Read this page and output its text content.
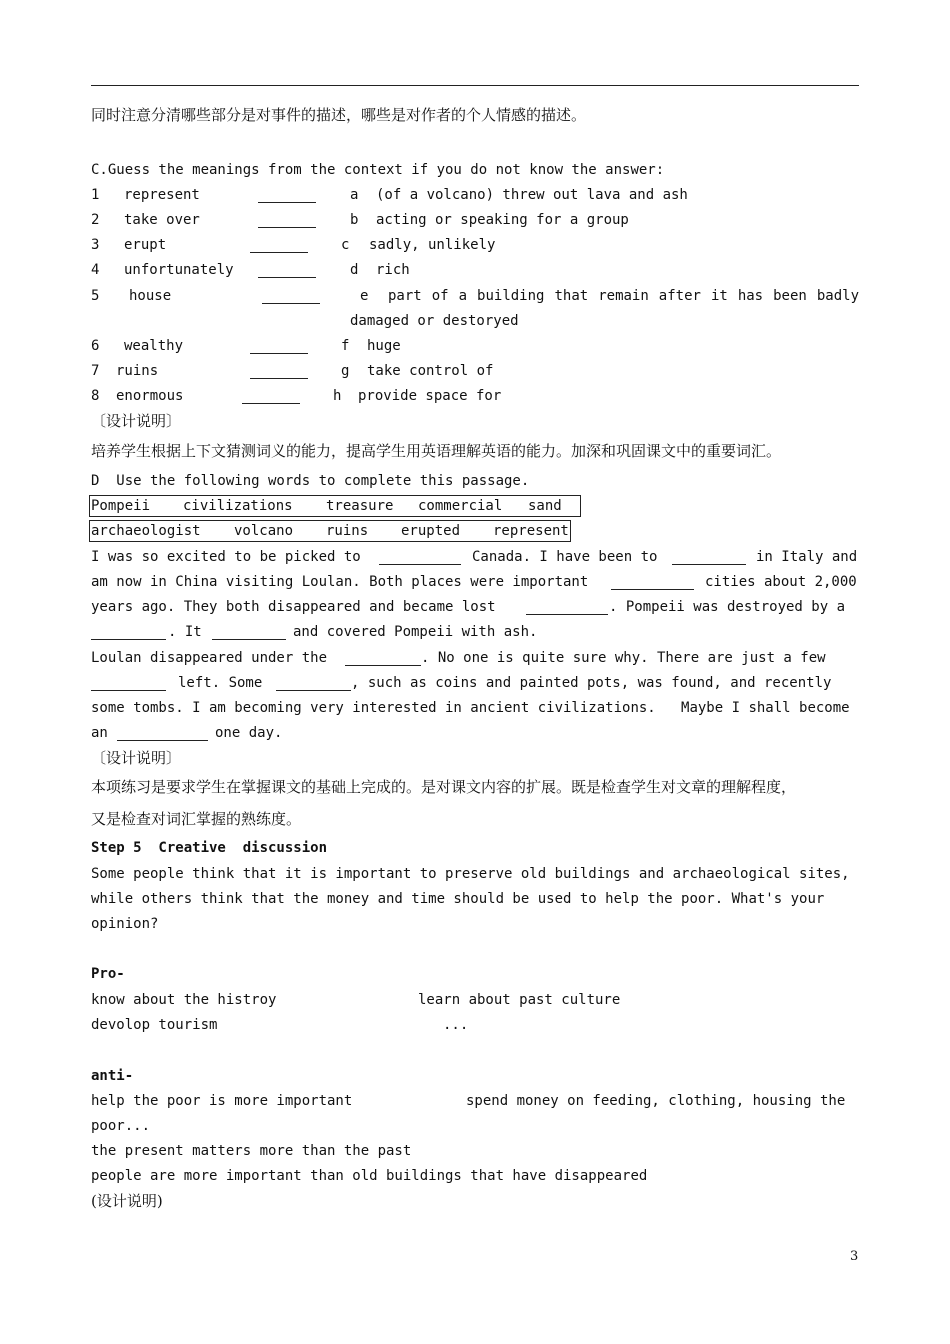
同时注意分清哪些部分是对事件的描述，哪些是对作者的个人情感的描述。
C.Guess the meanings from the context if you do not know the answer:
1 represent	a (of a volcano) threw out lava and ash
2 take over	b acting or speaking for a group
3 erupt	c sadly, unlikely
4 unfortunately	d rich
5 house	e part of a building that remain after it has been badly
damaged or destoryed
6 wealthy	f huge
7 ruins	g take control of
8 enormous	h provide space for
〔设计说明〕
培养学生根据上下文猜测词义的能力，提高学生用英语理解英语的能力。加深和巩固课文中的重要词汇。
D  Use the following words to complete this passage.
Pompeii civilizations treasure commercial sand
archaeologist volcano ruins erupted represent
I was so excited to be picked to	Canada. I have been to	in Italy and
am now in China visiting Loulan. Both places were important	cities about 2,000
years ago. They both disappeared and became lost	. Pompeii was destroyed by a
. It	and covered Pompeii with ash.
Loulan disappeared under the	. No one is quite sure why. There are just a few
left. Some	, such as coins and painted pots, was found, and recently
some tombs. I am becoming very interested in ancient civilizations.   Maybe I shall become
an	one day.
〔设计说明〕
本项练习是要求学生在掌握课文的基础上完成的。是对课文内容的扩展。既是检查学生对文章的理解程度，
又是检查对词汇掌握的熟练度。
Step 5  Creative  discussion
Some people think that it is important to preserve old buildings and archaeological sites,
while others think that the money and time should be used to help the poor. What's your
opinion?
Pro-
know about the histroy	learn about past culture
devolop tourism	...
anti-
help the poor is more important	spend money on feeding, clothing, housing the
poor...
the present matters more than the past
people are more important than old buildings that have disappeared
(设计说明)
3
